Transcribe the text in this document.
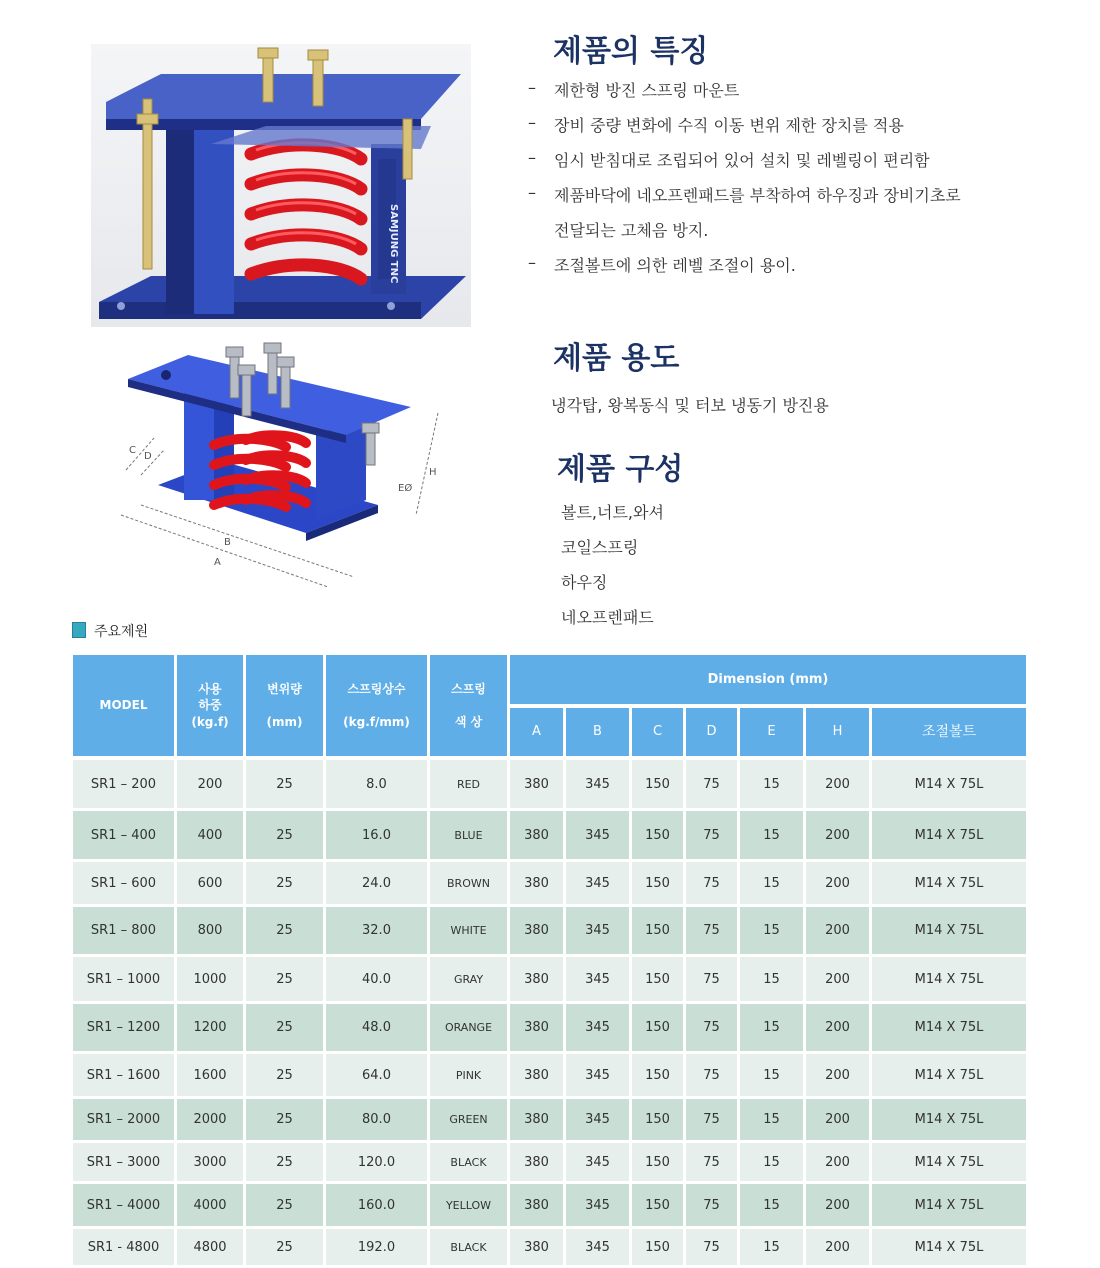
SAMJUNG TNC
A
B
C
D
EØ
H
제품의 특징
– 제한형 방진 스프링 마운트
– 장비 중량 변화에 수직 이동 변위 제한 장치를 적용
– 임시 받침대로 조립되어 있어 설치 및 레벨링이 편리함
– 제품바닥에 네오프렌패드를 부착하여 하우징과 장비기초로
전달되는 고체음 방지.
– 조절볼트에 의한 레벨 조절이 용이.
제품 용도
냉각탑, 왕복동식 및 터보 냉동기 방진용
제품 구성
볼트,너트,와셔
코일스프링
하우징
네오프렌패드
주요제원
MODEL
사용
하중
(kg.f)
변위량

(mm)
스프링상수

(kg.f/mm)
스프링

색 상
Dimension (mm)
A	B	C	D	E	H	조절볼트
SR1 – 200	200	25	8.0	RED	380	345	150	75	15	200	M14 X 75L
SR1 – 400	400	25	16.0	BLUE	380	345	150	75	15	200	M14 X 75L
SR1 – 600	600	25	24.0	BROWN	380	345	150	75	15	200	M14 X 75L
SR1 – 800	800	25	32.0	WHITE	380	345	150	75	15	200	M14 X 75L
SR1 – 1000	1000	25	40.0	GRAY	380	345	150	75	15	200	M14 X 75L
SR1 – 1200	1200	25	48.0	ORANGE	380	345	150	75	15	200	M14 X 75L
SR1 – 1600	1600	25	64.0	PINK	380	345	150	75	15	200	M14 X 75L
SR1 – 2000	2000	25	80.0	GREEN	380	345	150	75	15	200	M14 X 75L
SR1 – 3000	3000	25	120.0	BLACK	380	345	150	75	15	200	M14 X 75L
SR1 – 4000	4000	25	160.0	YELLOW	380	345	150	75	15	200	M14 X 75L
SR1 - 4800	4800	25	192.0	BLACK	380	345	150	75	15	200	M14 X 75L
